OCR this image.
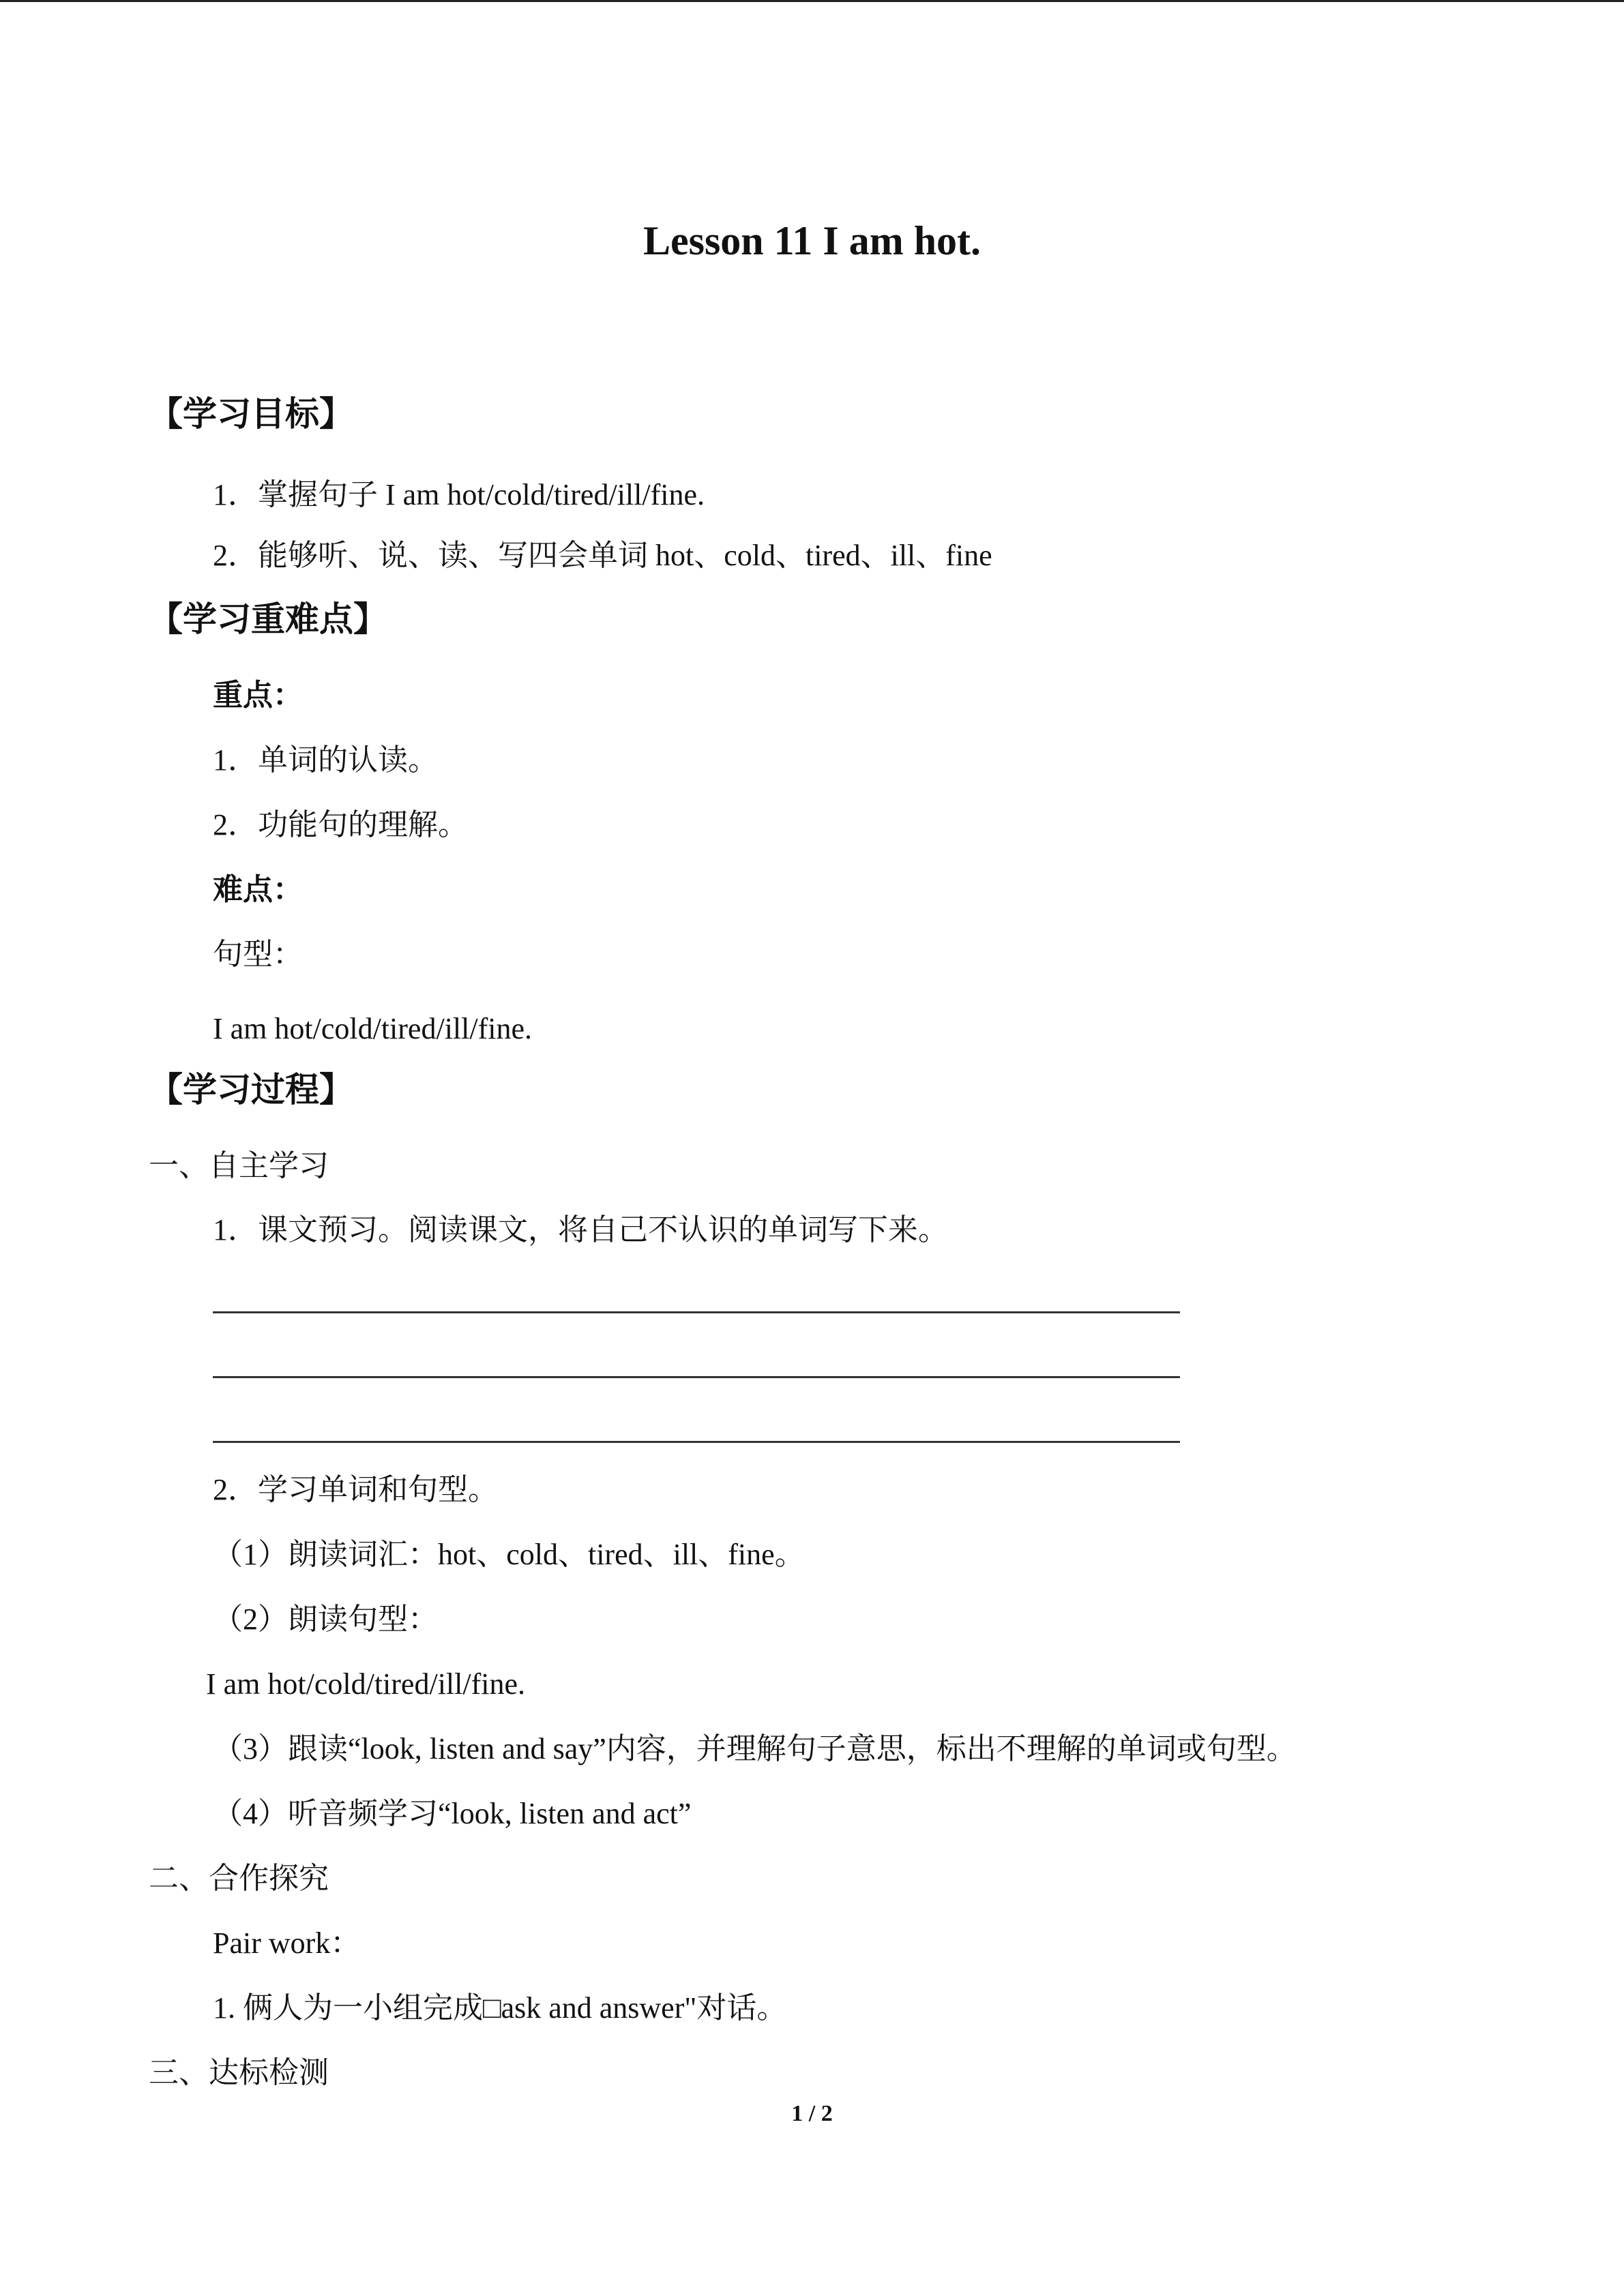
Lesson 11 I am hot.
【学习目标】
1．掌握句子 I am hot/cold/tired/ill/fine.
2．能够听、说、读、写四会单词 hot、cold、tired、ill、fine
【学习重难点】
重点：
1．单词的认读。
2．功能句的理解。
难点：
句型：
I am hot/cold/tired/ill/fine.
【学习过程】
一、自主学习
1．课文预习。阅读课文，将自己不认识的单词写下来。
2．学习单词和句型。
（1）朗读词汇：hot、cold、tired、ill、fine。
（2）朗读句型：
I am hot/cold/tired/ill/fine.
（3）跟读“look, listen and say”内容，并理解句子意思，标出不理解的单词或句型。
（4）听音频学习“look, listen and act”
二、合作探究
Pair work：
1. 俩人为一小组完成□ask and answer"对话。
三、达标检测
1 / 2
